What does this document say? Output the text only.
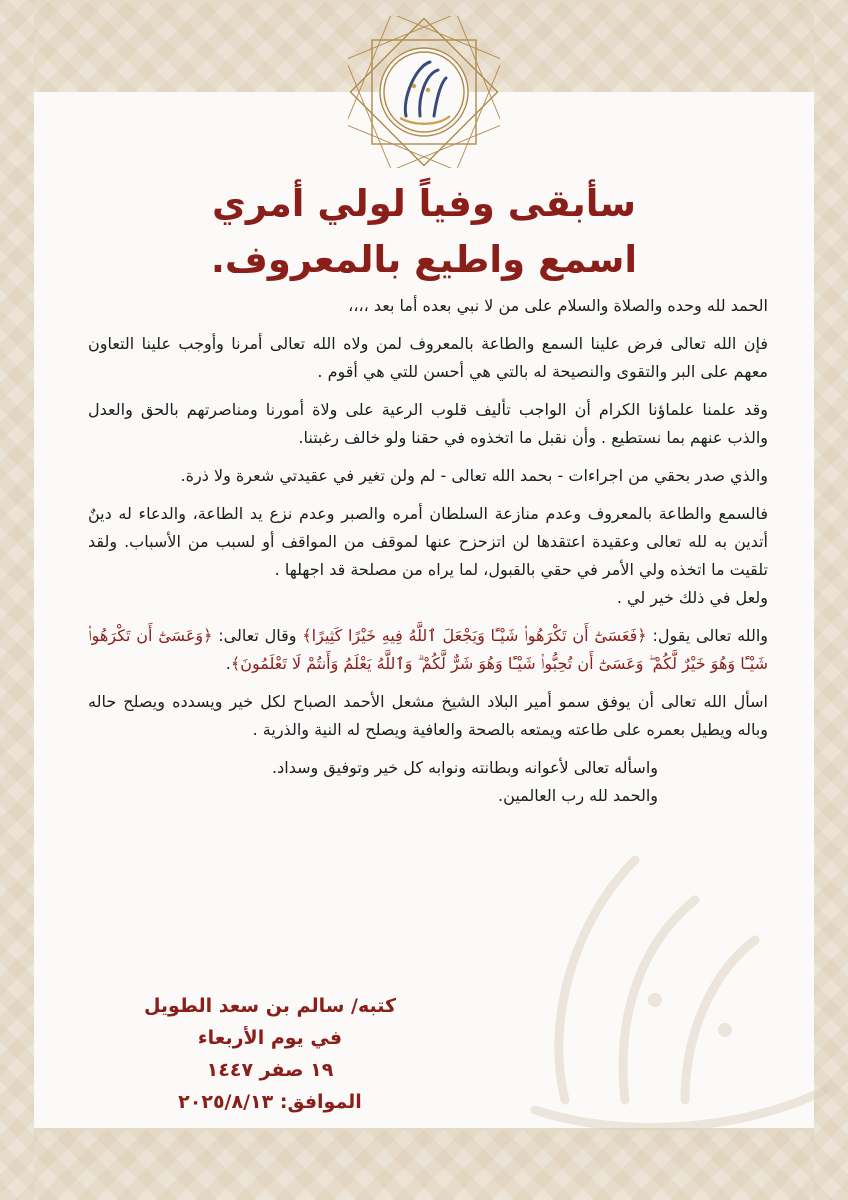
سأبقى وفياً لولي أمري
اسمع واطيع بالمعروف.

الحمد لله وحده والصلاة والسلام على من لا نبي بعده أما بعد ،،،،

فإن الله تعالى فرض علينا السمع والطاعة بالمعروف لمن ولاه الله تعالى أمرنا وأوجب علينا التعاون معهم على البر والتقوى والنصيحة له بالتي هي أحسن للتي هي أقوم .

وقد علمنا علماؤنا الكرام أن الواجب تأليف قلوب الرعية على ولاة أمورنا ومناصرتهم بالحق والعدل والذب عنهم بما نستطيع . وأن نقبل ما اتخذوه في حقنا ولو خالف رغبتنا.

والذي صدر بحقي من اجراءات - بحمد الله تعالى - لم ولن تغير في عقيدتي شعرة ولا ذرة.

فالسمع والطاعة بالمعروف وعدم منازعة السلطان أمره والصبر وعدم نزع يد الطاعة، والدعاء له دينٌ أتدين به لله تعالى وعقيدة اعتقدها لن اتزحزح عنها لموقف من المواقف أو لسبب من الأسباب. ولقد تلقيت ما اتخذه ولي الأمر في حقي بالقبول، لما يراه من مصلحة قد اجهلها .

ولعل في ذلك خير لي .

والله تعالى يقول: ﴿فَعَسَىٰٓ أَن تَكْرَهُوا۟ شَيْـًٔا وَيَجْعَلَ ٱللَّهُ فِيهِ خَيْرًا كَثِيرًا﴾ وقال تعالى: ﴿وَعَسَىٰٓ أَن تَكْرَهُوا۟ شَيْـًٔا وَهُوَ خَيْرٌ لَّكُمْ ۖ وَعَسَىٰٓ أَن تُحِبُّوا۟ شَيْـًٔا وَهُوَ شَرٌّ لَّكُمْ ۗ وَٱللَّهُ يَعْلَمُ وَأَنتُمْ لَا تَعْلَمُونَ﴾.

اسأل الله تعالى أن يوفق سمو أمير البلاد الشيخ مشعل الأحمد الصباح لكل خير ويسدده ويصلح حاله وباله ويطيل بعمره على طاعته ويمتعه بالصحة والعافية ويصلح له النية والذرية .

واسأله تعالى لأعوانه وبطانته ونوابه كل خير وتوفيق وسداد.

والحمد لله رب العالمين.

كتبه/ سالم بن سعد الطويل
في يوم الأربعاء
١٩ صفر ١٤٤٧
الموافق: ٢٠٢٥/٨/١٣
